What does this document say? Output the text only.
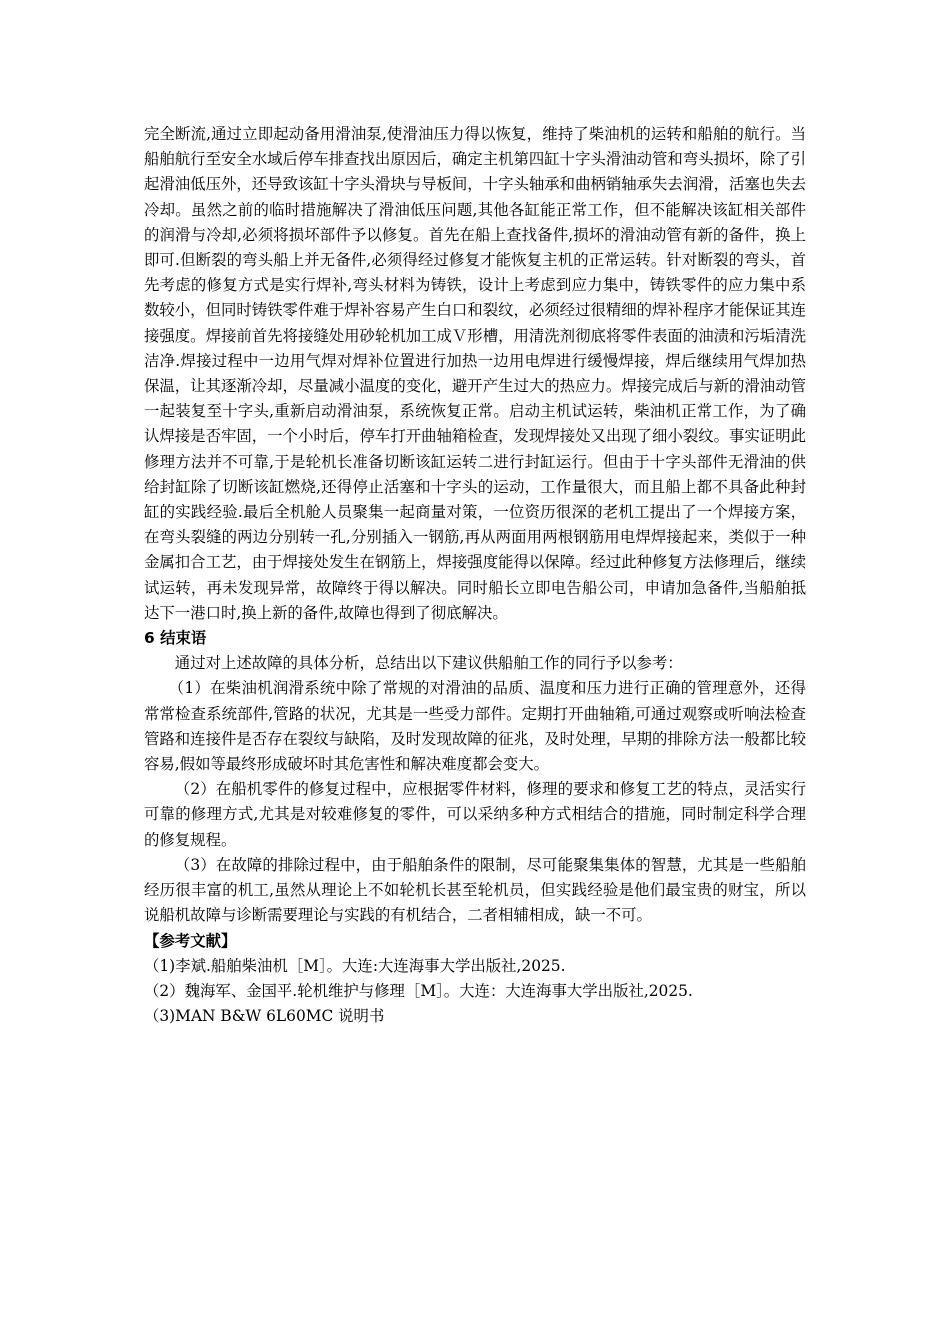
完全断流,通过立即起动备用滑油泵,使滑油压力得以恢复，维持了柴油机的运转和船舶的航行。当船舶航行至安全水域后停车排查找出原因后，确定主机第四缸十字头滑油动管和弯头损坏，除了引起滑油低压外，还导致该缸十字头滑块与导板间，十字头轴承和曲柄销轴承失去润滑，活塞也失去冷却。虽然之前的临时措施解决了滑油低压问题,其他各缸能正常工作，但不能解决该缸相关部件的润滑与冷却,必须将损坏部件予以修复。首先在船上查找备件,损坏的滑油动管有新的备件，换上即可.但断裂的弯头船上并无备件,必须得经过修复才能恢复主机的正常运转。针对断裂的弯头，首先考虑的修复方式是实行焊补,弯头材料为铸铁，设计上考虑到应力集中，铸铁零件的应力集中系数较小，但同时铸铁零件难于焊补容易产生白口和裂纹，必须经过很精细的焊补程序才能保证其连接强度。焊接前首先将接缝处用砂轮机加工成Ｖ形槽，用清洗剂彻底将零件表面的油渍和污垢清洗洁净.焊接过程中一边用气焊对焊补位置进行加热一边用电焊进行缓慢焊接，焊后继续用气焊加热保温，让其逐渐冷却，尽量减小温度的变化，避开产生过大的热应力。焊接完成后与新的滑油动管一起装复至十字头,重新启动滑油泵，系统恢复正常。启动主机试运转，柴油机正常工作，为了确认焊接是否牢固，一个小时后，停车打开曲轴箱检查，发现焊接处又出现了细小裂纹。事实证明此修理方法并不可靠,于是轮机长准备切断该缸运转二进行封缸运行。但由于十字头部件无滑油的供给封缸除了切断该缸燃烧,还得停止活塞和十字头的运动，工作量很大，而且船上都不具备此种封缸的实践经验.最后全机舱人员聚集一起商量对策，一位资历很深的老机工提出了一个焊接方案，在弯头裂缝的两边分别转一孔,分别插入一钢筋,再从两面用两根钢筋用电焊焊接起来，类似于一种金属扣合工艺，由于焊接处发生在钢筋上，焊接强度能得以保障。经过此种修复方法修理后，继续试运转，再未发现异常，故障终于得以解决。同时船长立即电告船公司，申请加急备件,当船舶抵达下一港口时,换上新的备件,故障也得到了彻底解决。

6 结束语

通过对上述故障的具体分析，总结出以下建议供船舶工作的同行予以参考：

（1）在柴油机润滑系统中除了常规的对滑油的品质、温度和压力进行正确的管理意外，还得常常检查系统部件,管路的状况，尤其是一些受力部件。定期打开曲轴箱,可通过观察或听响法检查管路和连接件是否存在裂纹与缺陷，及时发现故障的征兆，及时处理，早期的排除方法一般都比较容易,假如等最终形成破坏时其危害性和解决难度都会变大。

（2）在船机零件的修复过程中，应根据零件材料，修理的要求和修复工艺的特点，灵活实行可靠的修理方式,尤其是对较难修复的零件，可以采纳多种方式相结合的措施，同时制定科学合理的修复规程。

（3）在故障的排除过程中，由于船舶条件的限制，尽可能聚集集体的智慧，尤其是一些船舶经历很丰富的机工,虽然从理论上不如轮机长甚至轮机员，但实践经验是他们最宝贵的财宝，所以说船机故障与诊断需要理论与实践的有机结合，二者相辅相成，缺一不可。

【参考文献】

（1)李斌.船舶柴油机［M］。大连:大连海事大学出版社,2025.

（2）魏海军、金国平.轮机维护与修理［M］。大连：大连海事大学出版社,2025.

（3)MAN B&W 6L60MC 说明书
